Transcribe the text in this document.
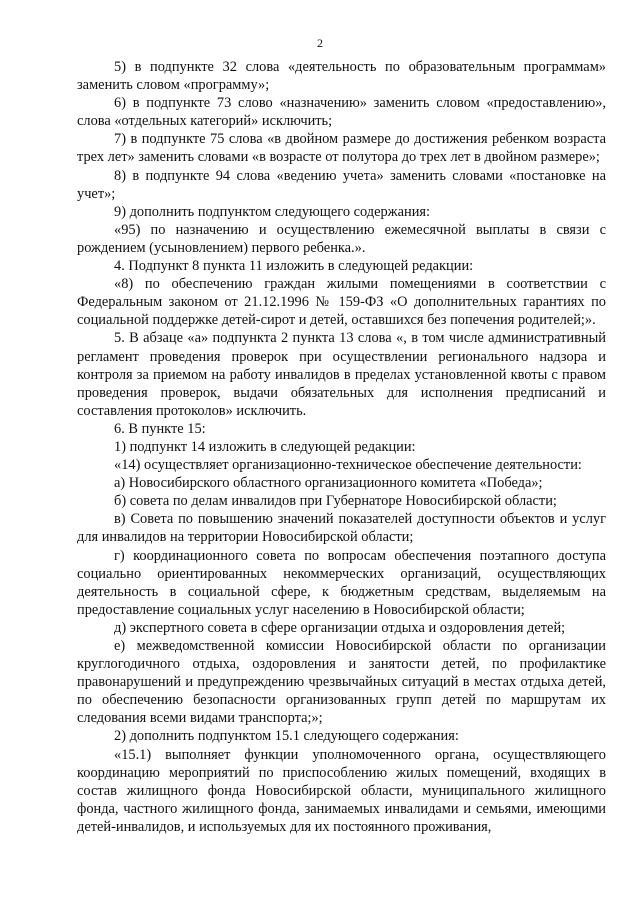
2

5) в подпункте 32 слова «деятельность по образовательным программам» заменить словом «программу»;

6) в подпункте 73 слово «назначению» заменить словом «предоставлению», слова «отдельных категорий» исключить;

7) в подпункте 75 слова «в двойном размере до достижения ребенком возраста трех лет» заменить словами «в возрасте от полутора до трех лет в двойном размере»;

8) в подпункте 94 слова «ведению учета» заменить словами «постановке на учет»;

9) дополнить подпунктом следующего содержания:

«95) по назначению и осуществлению ежемесячной выплаты в связи с рождением (усыновлением) первого ребенка.».

4. Подпункт 8 пункта 11 изложить в следующей редакции:

«8) по обеспечению граждан жилыми помещениями в соответствии с Федеральным законом от 21.12.1996 № 159-ФЗ «О дополнительных гарантиях по социальной поддержке детей-сирот и детей, оставшихся без попечения родителей;».

5. В абзаце «а» подпункта 2 пункта 13 слова «, в том числе административный регламент проведения проверок при осуществлении регионального надзора и контроля за приемом на работу инвалидов в пределах установленной квоты с правом проведения проверок, выдачи обязательных для исполнения предписаний и составления протоколов» исключить.

6. В пункте 15:

1) подпункт 14 изложить в следующей редакции:

«14) осуществляет организационно-техническое обеспечение деятельности:

а) Новосибирского областного организационного комитета «Победа»;

б) совета по делам инвалидов при Губернаторе Новосибирской области;

в) Совета по повышению значений показателей доступности объектов и услуг для инвалидов на территории Новосибирской области;

г) координационного совета по вопросам обеспечения поэтапного доступа социально ориентированных некоммерческих организаций, осуществляющих деятельность в социальной сфере, к бюджетным средствам, выделяемым на предоставление социальных услуг населению в Новосибирской области;

д) экспертного совета в сфере организации отдыха и оздоровления детей;

е) межведомственной комиссии Новосибирской области по организации круглогодичного отдыха, оздоровления и занятости детей, по профилактике правонарушений и предупреждению чрезвычайных ситуаций в местах отдыха детей, по обеспечению безопасности организованных групп детей по маршрутам их следования всеми видами транспорта;»;

2) дополнить подпунктом 15.1 следующего содержания:

«15.1) выполняет функции уполномоченного органа, осуществляющего координацию мероприятий по приспособлению жилых помещений, входящих в состав жилищного фонда Новосибирской области, муниципального жилищного фонда, частного жилищного фонда, занимаемых инвалидами и семьями, имеющими детей-инвалидов, и используемых для их постоянного проживания,
